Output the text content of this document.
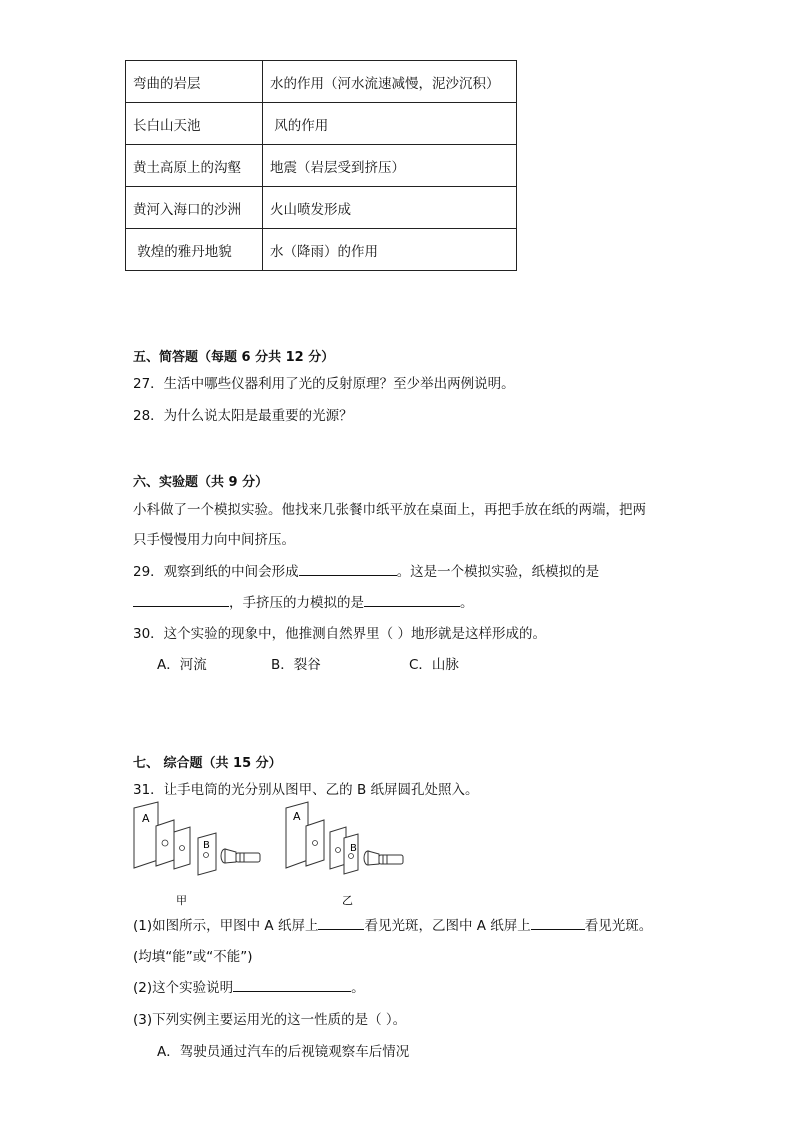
弯曲的岩层	水的作用（河水流速减慢，泥沙沉积）
长白山天池	风的作用
黄土高原上的沟壑	地震（岩层受到挤压）
黄河入海口的沙洲	火山喷发形成
敦煌的雅丹地貌	水（降雨）的作用
五、简答题（每题 6 分共 12 分）
27．生活中哪些仪器利用了光的反射原理？至少举出两例说明。
28．为什么说太阳是最重要的光源？
六、实验题（共 9 分）
小科做了一个模拟实验。他找来几张餐巾纸平放在桌面上，再把手放在纸的两端，把两
只手慢慢用力向中间挤压。
29．观察到纸的中间会形成	。这是一个模拟实验，纸模拟的是
，手挤压的力模拟的是	。
30．这个实验的现象中，他推测自然界里（ ）地形就是这样形成的。
A．河流	B．裂谷	C．山脉
七、 综合题（共 15 分）
31．让手电筒的光分别从图甲、乙的 B 纸屏圆孔处照入。
A
B
甲
A
B
乙
(1)如图所示，甲图中 A 纸屏上	看见光斑，乙图中 A 纸屏上	看见光斑。
(均填“能”或“不能”)
(2)这个实验说明	。
(3)下列实例主要运用光的这一性质的是（ ）。
A．驾驶员通过汽车的后视镜观察车后情况
